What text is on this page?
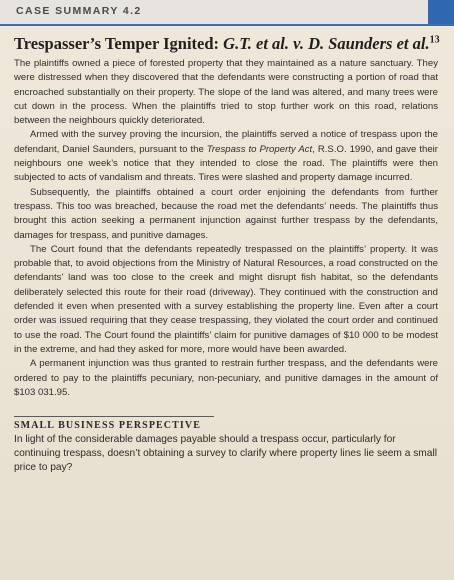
CASE SUMMARY 4.2
Trespasser’s Temper Ignited: G.T. et al. v. D. Saunders et al.$^{13}$

The plaintiffs owned a piece of forested property that they maintained as a nature sanctuary. They were distressed when they discovered that the defendants were constructing a portion of road that encroached substantially on their property. The slope of the land was altered, and many trees were cut down in the process. When the plaintiffs tried to stop further work on this road, relations between the neighbours quickly deteriorated.

Armed with the survey proving the incursion, the plaintiffs served a notice of trespass upon the defendant, Daniel Saunders, pursuant to the Trespass to Property Act, R.S.O. 1990, and gave their neighbours one week’s notice that they intended to close the road. The plaintiffs were then subjected to acts of vandalism and threats. Tires were slashed and property damage incurred.

Subsequently, the plaintiffs obtained a court order enjoining the defendants from further trespass. This too was breached, because the road met the defendants’ needs. The plaintiffs thus brought this action seeking a permanent injunction against further trespass by the defendants, damages for trespass, and punitive damages.

The Court found that the defendants repeatedly trespassed on the plaintiffs’ property. It was probable that, to avoid objections from the Ministry of Natural Resources, a road constructed on the defendants’ land was too close to the creek and might disrupt fish habitat, so the defendants deliberately selected this route for their road (driveway). They continued with the construction and defended it even when presented with a survey establishing the property line. Even after a court order was issued requiring that they cease trespassing, they violated the court order and continued to use the road. The Court found the plaintiffs’ claim for punitive damages of $10 000 to be modest in the extreme, and had they asked for more, more would have been awarded.

A permanent injunction was thus granted to restrain further trespass, and the defendants were ordered to pay to the plaintiffs pecuniary, non-pecuniary, and punitive damages in the amount of $103 031.95.

SMALL BUSINESS PERSPECTIVE

In light of the considerable damages payable should a trespass occur, particularly for continuing trespass, doesn’t obtaining a survey to clarify where property lines lie seem a small price to pay?
